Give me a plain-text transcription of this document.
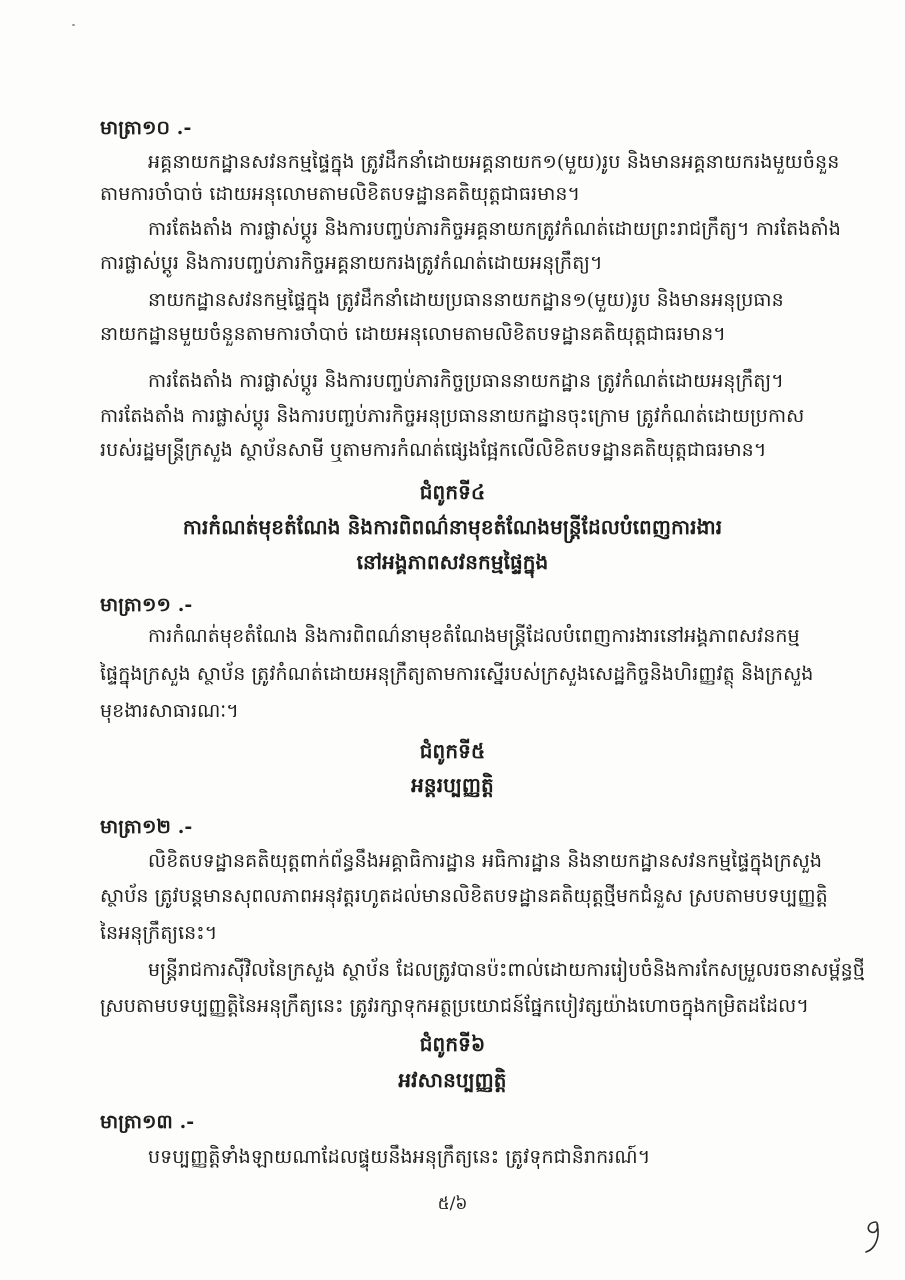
មាត្រា១០ .-
អគ្គនាយកដ្ឋានសវនកម្មផ្ទៃក្នុង ត្រូវដឹកនាំដោយអគ្គនាយក១(មួយ)រូប និងមានអគ្គនាយករងមួយចំនួន
តាមការចាំបាច់ ដោយអនុលោមតាមលិខិតបទដ្ឋានគតិយុត្តជាធរមាន។
ការតែងតាំង ការផ្លាស់ប្ដូរ និងការបញ្ចប់ភារកិច្ចអគ្គនាយកត្រូវកំណត់ដោយព្រះរាជក្រឹត្យ។ ការតែងតាំង
ការផ្លាស់ប្ដូរ និងការបញ្ចប់ភារកិច្ចអគ្គនាយករងត្រូវកំណត់ដោយអនុក្រឹត្យ។
នាយកដ្ឋានសវនកម្មផ្ទៃក្នុង ត្រូវដឹកនាំដោយប្រធាននាយកដ្ឋាន១(មួយ)រូប និងមានអនុប្រធាន
នាយកដ្ឋានមួយចំនួនតាមការចាំបាច់ ដោយអនុលោមតាមលិខិតបទដ្ឋានគតិយុត្តជាធរមាន។
ការតែងតាំង ការផ្លាស់ប្ដូរ និងការបញ្ចប់ភារកិច្ចប្រធាននាយកដ្ឋាន ត្រូវកំណត់ដោយអនុក្រឹត្យ។
ការតែងតាំង ការផ្លាស់ប្ដូរ និងការបញ្ចប់ភារកិច្ចអនុប្រធាននាយកដ្ឋានចុះក្រោម ត្រូវកំណត់ដោយប្រកាស
របស់រដ្ឋមន្ត្រីក្រសួង ស្ថាប័នសាមី ឬតាមការកំណត់ផ្សេងផ្អែកលើលិខិតបទដ្ឋានគតិយុត្តជាធរមាន។
ជំពូកទី៤
ការកំណត់មុខតំណែង និងការពិពណ៌នាមុខតំណែងមន្ត្រីដែលបំពេញការងារ
នៅអង្គភាពសវនកម្មផ្ទៃក្នុង
មាត្រា១១ .-
ការកំណត់មុខតំណែង និងការពិពណ៌នាមុខតំណែងមន្ត្រីដែលបំពេញការងារនៅអង្គភាពសវនកម្ម
ផ្ទៃក្នុងក្រសួង ស្ថាប័ន ត្រូវកំណត់ដោយអនុក្រឹត្យតាមការស្នើរបស់ក្រសួងសេដ្ឋកិច្ចនិងហិរញ្ញវត្ថុ និងក្រសួង
មុខងារសាធារណៈ។
ជំពូកទី៥
អន្តរប្បញ្ញត្តិ
មាត្រា១២ .-
លិខិតបទដ្ឋានគតិយុត្តពាក់ព័ន្ធនឹងអគ្គាធិការដ្ឋាន អធិការដ្ឋាន និងនាយកដ្ឋានសវនកម្មផ្ទៃក្នុងក្រសួង
ស្ថាប័ន ត្រូវបន្តមានសុពលភាពអនុវត្តរហូតដល់មានលិខិតបទដ្ឋានគតិយុត្តថ្មីមកជំនួស ស្របតាមបទប្បញ្ញត្តិ
នៃអនុក្រឹត្យនេះ។
មន្ត្រីរាជការស៊ីវិលនៃក្រសួង ស្ថាប័ន ដែលត្រូវបានប៉ះពាល់ដោយការរៀបចំនិងការកែសម្រួលរចនាសម្ព័ន្ធថ្មី
ស្របតាមបទប្បញ្ញត្តិនៃអនុក្រឹត្យនេះ ត្រូវរក្សាទុកអត្ថប្រយោជន៍ផ្នែកបៀវត្សយ៉ាងហោចក្នុងកម្រិតដដែល។
ជំពូកទី៦
អវសានប្បញ្ញត្តិ
មាត្រា១៣ .-
បទប្បញ្ញត្តិទាំងឡាយណាដែលផ្ទុយនឹងអនុក្រឹត្យនេះ ត្រូវទុកជានិរាករណ៍។
៥/៦
